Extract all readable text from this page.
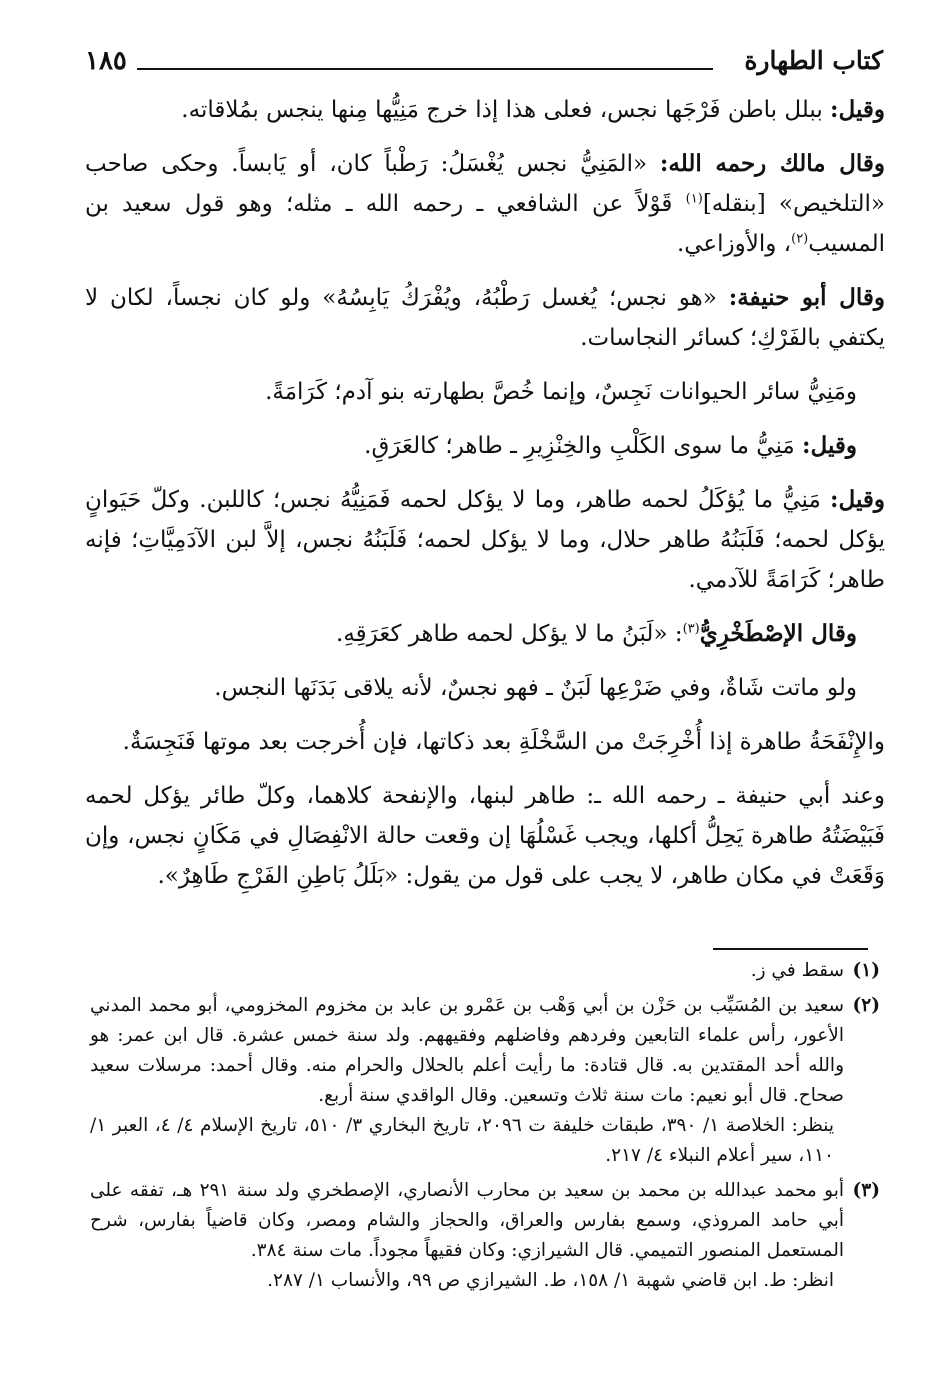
١٨٥	كتاب الطهارة

وقيل: ببلل باطن فَرْجَها نجس، فعلى هذا إذا خرج مَنِيُّها مِنها ينجس بمُلاقاته.

وقال مالك رحمه الله: «المَنِيُّ نجس يُغْسَلُ: رَطْباً كان، أو يَابساً. وحكى صاحب «التلخيص» [بنقله]$^{(١)}$ قَوْلاً عن الشافعي ـ رحمه الله ـ مثله؛ وهو قول سعيد بن المسيب$^{(٢)}$، والأوزاعي.

وقال أبو حنيفة: «هو نجس؛ يُغسل رَطْبُهُ، ويُفْرَكُ يَابِسُهُ» ولو كان نجساً، لكان لا يكتفي بالفَرْكِ؛ كسائر النجاسات.

ومَنِيُّ سائر الحيوانات نَجِسٌ، وإنما خُصَّ بطهارته بنو آدم؛ كَرَامَةً.

وقيل: مَنِيُّ ما سوى الكَلْبِ والخِنْزِيرِ ـ طاهر؛ كالعَرَقِ.

وقيل: مَنِيُّ ما يُؤكَلُ لحمه طاهر، وما لا يؤكل لحمه فَمَنِيُّهُ نجس؛ كاللبن. وكلّ حَيَوانٍ يؤكل لحمه؛ فَلَبَنُهُ طاهر حلال، وما لا يؤكل لحمه؛ فَلَبَنُهُ نجس، إلاَّ لبن الآدَمِيَّاتِ؛ فإنه طاهر؛ كَرَامَةً للآدمي.

وقال الإصْطَخْرِيُّ$^{(٣)}$: «لَبَنُ ما لا يؤكل لحمه طاهر كعَرَقِهِ.

ولو ماتت شَاةٌ، وفي ضَرْعِها لَبَنٌ ـ فهو نجسٌ، لأنه يلاقى بَدَنَها النجس.

والإِنْفَحَةُ طاهرة إذا أُخْرِجَتْ من السَّخْلَةِ بعد ذكاتها، فإن أُخرجت بعد موتها فَنَجِسَةٌ.

وعند أبي حنيفة ـ رحمه الله ـ: طاهر لبنها، والإنفحة كلاهما، وكلّ طائر يؤكل لحمه فَبَيْضَتُهُ طاهرة يَحِلُّ أكلها، ويجب غَسْلُهَا إن وقعت حالة الانْفِصَالِ في مَكَانٍ نجس، وإن وَقَعَتْ في مكان طاهر، لا يجب على قول من يقول: «بَلَلُ بَاطِنِ الفَرْجِ طَاهِرٌ».

(١)
سقط في ز.
(٢)
سعيد بن المُسَيِّب بن حَزْن بن أبي وَهْب بن عَمْرو بن عابد بن مخزوم المخزومي، أبو محمد المدني الأعور، رأس علماء التابعين وفردهم وفاضلهم وفقيههم. ولد سنة خمس عشرة. قال ابن عمر: هو والله أحد المقتدين به. قال قتادة: ما رأيت أعلم بالحلال والحرام منه. وقال أحمد: مرسلات سعيد صحاح. قال أبو نعيم: مات سنة ثلاث وتسعين. وقال الواقدي سنة أربع.
ينظر: الخلاصة ١/ ٣٩٠، طبقات خليفة ت ٢٠٩٦، تاريخ البخاري ٣/ ٥١٠، تاريخ الإسلام ٤/ ٤، العبر ١/ ١١٠، سير أعلام النبلاء ٤/ ٢١٧.
(٣)
أبو محمد عبدالله بن محمد بن سعيد بن محارب الأنصاري، الإصطخري ولد سنة ٢٩١ هـ، تفقه على أبي حامد المروذي، وسمع بفارس والعراق، والحجاز والشام ومصر، وكان قاضياً بفارس، شرح المستعمل المنصور التميمي. قال الشيرازي: وكان فقيهاً مجوداً. مات سنة ٣٨٤.
انظر: ط. ابن قاضي شهبة ١/ ١٥٨، ط. الشيرازي ص ٩٩، والأنساب ١/ ٢٨٧.
